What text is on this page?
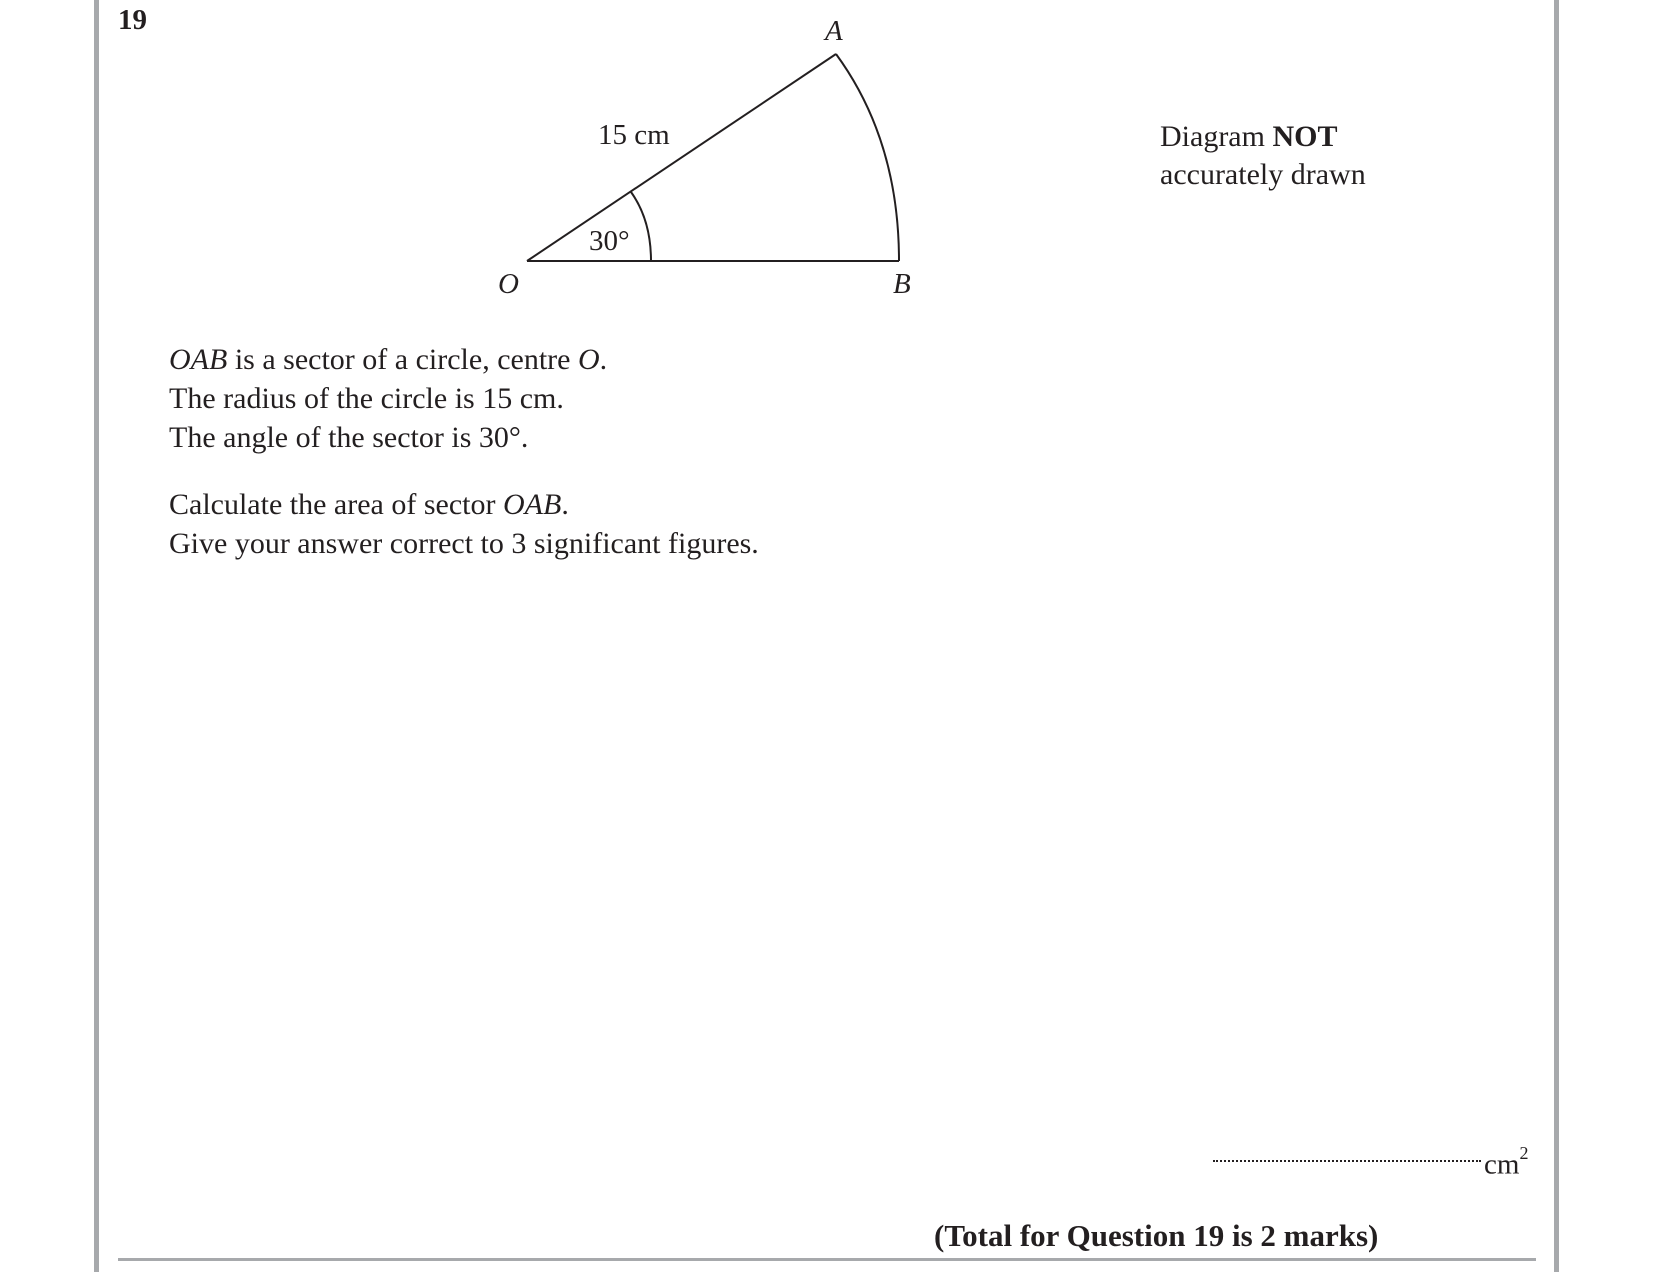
19	A
B
O
15 cm
30°
Diagram NOT
accurately drawn
OAB is a sector of a circle, centre O.
The radius of the circle is 15 cm.
The angle of the sector is 30°.
Calculate the area of sector OAB.
Give your answer correct to 3 significant figures.
$cm^2$
(Total for Question 19 is 2 marks)
